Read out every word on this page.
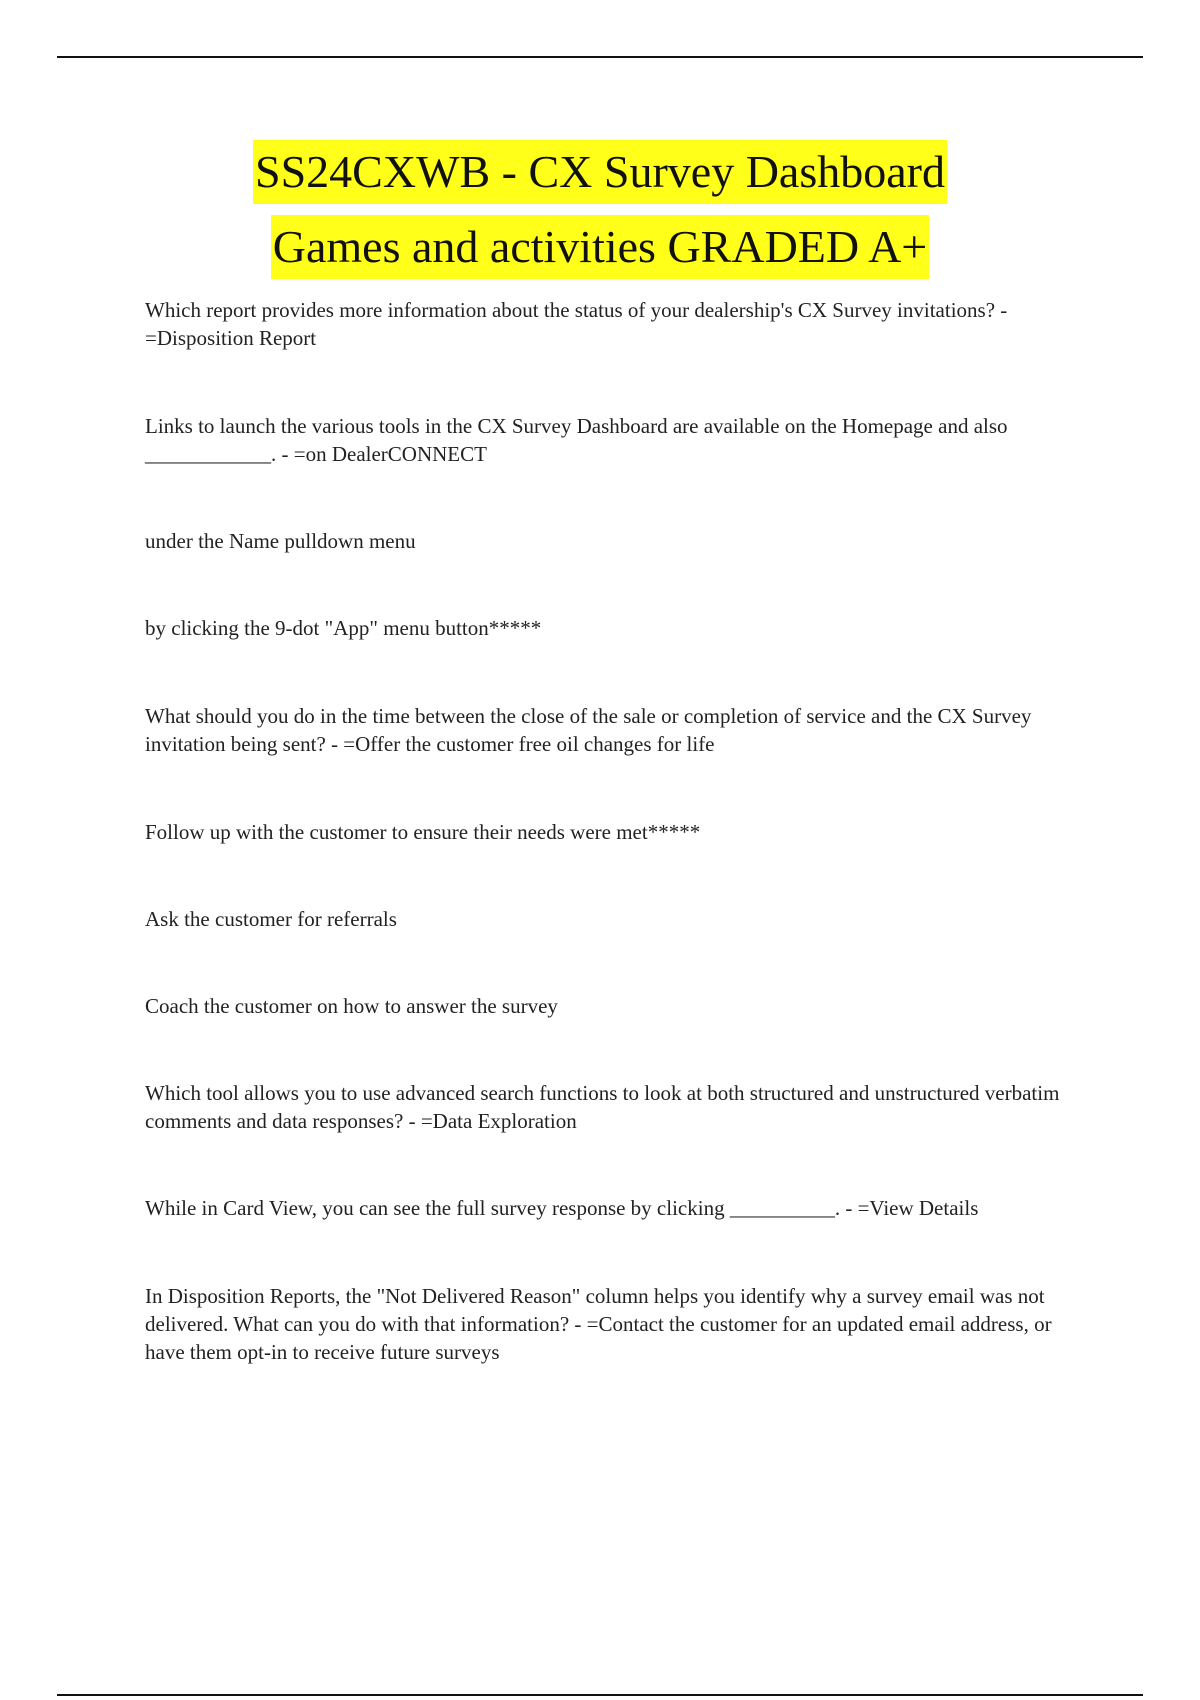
SS24CXWB - CX Survey Dashboard
Games and activities GRADED A+
Which report provides more information about the status of your dealership's CX Survey invitations? - =Disposition Report
Links to launch the various tools in the CX Survey Dashboard are available on the Homepage and also ____________. - =on DealerCONNECT
under the Name pulldown menu
by clicking the 9-dot "App" menu button*****
What should you do in the time between the close of the sale or completion of service and the CX Survey invitation being sent? - =Offer the customer free oil changes for life
Follow up with the customer to ensure their needs were met*****
Ask the customer for referrals
Coach the customer on how to answer the survey
Which tool allows you to use advanced search functions to look at both structured and unstructured verbatim comments and data responses? - =Data Exploration
While in Card View, you can see the full survey response by clicking __________. - =View Details
In Disposition Reports, the "Not Delivered Reason" column helps you identify why a survey email was not delivered. What can you do with that information? - =Contact the customer for an updated email address, or have them opt-in to receive future surveys
